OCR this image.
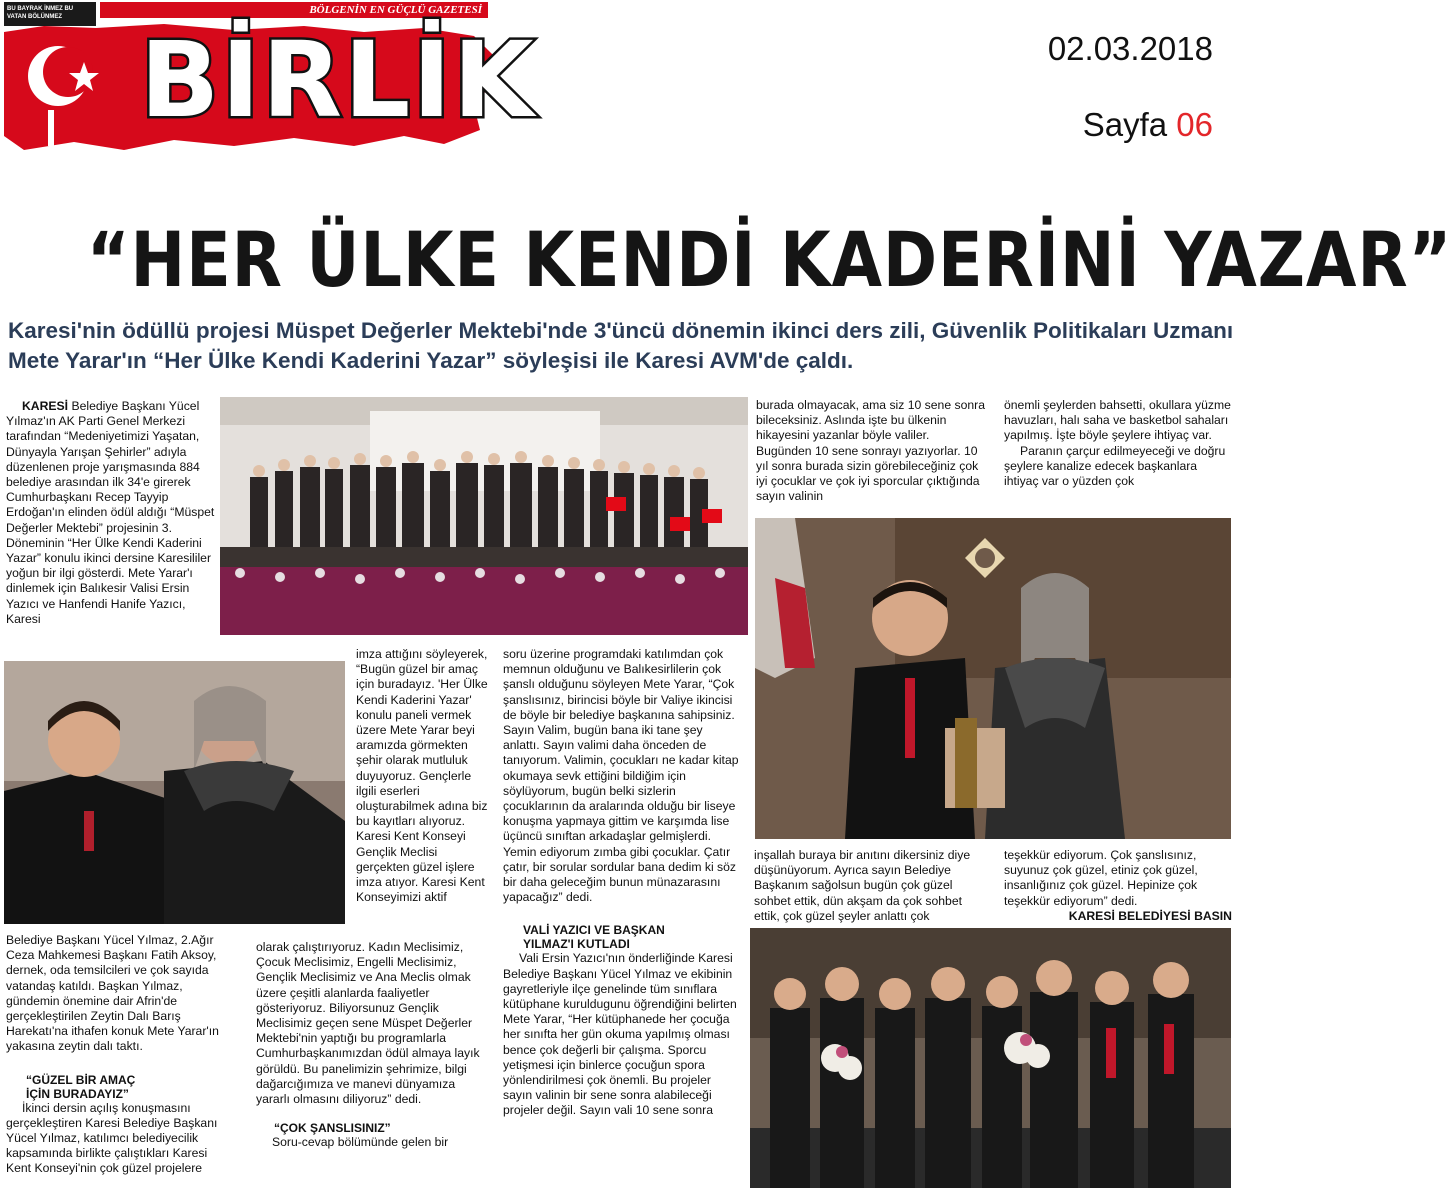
BU BAYRAK İNMEZ BU VATAN BÖLÜNMEZ
BÖLGENİN EN GÜÇLÜ GAZETESİ
BİRLİK	02.03.2018
Sayfa 06
“HER ÜLKE KENDİ KADERİNİ YAZAR”
Karesi'nin ödüllü projesi Müspet Değerler Mektebi'nde 3'üncü dönemin ikinci ders zili, Güvenlik Politikaları Uzmanı Mete Yarar'ın “Her Ülke Kendi Kaderini Yazar” söyleşisi ile Karesi AVM'de çaldı.

KARESİ Belediye Başkanı Yücel Yılmaz'ın AK Parti Genel Merkezi tarafından “Medeniyetimizi Yaşatan, Dünyayla Yarışan Şehirler” adıyla düzenlenen proje yarışmasında 884 belediye arasından ilk 34'e girerek Cumhurbaşkanı Recep Tayyip Erdoğan'ın elinden ödül aldığı “Müspet Değerler Mektebi” projesinin 3. Döneminin “Her Ülke Kendi Kaderini Yazar” konulu ikinci dersine Karesililer yoğun bir ilgi gösterdi. Mete Yarar'ı dinlemek için Balıkesir Valisi Ersin Yazıcı ve Hanfendi Hanife Yazıcı, Karesi

Belediye Başkanı Yücel Yılmaz, 2.Ağır Ceza Mahkemesi Başkanı Fatih Aksoy, dernek, oda temsilcileri ve çok sayıda vatandaş katıldı. Başkan Yılmaz, gündemin önemine dair Afrin'de gerçekleştirilen Zeytin Dalı Barış Harekatı'na ithafen konuk Mete Yarar'ın yakasına zeytin dalı taktı.

“GÜZEL BİR AMAÇ İÇİN BURADAYIZ”

İkinci dersin açılış konuşmasını gerçekleştiren Karesi Belediye Başkanı Yücel Yılmaz, katılımcı belediyecilik kapsamında birlikte çalıştıkları Karesi Kent Konseyi'nin çok güzel projelere

imza attığını söyleyerek, “Bugün güzel bir amaç için buradayız. 'Her Ülke Kendi Kaderini Yazar' konulu paneli vermek üzere Mete Yarar beyi aramızda görmekten şehir olarak mutluluk duyuyoruz. Gençlerle ilgili eserleri oluşturabilmek adına biz bu kayıtları alıyoruz. Karesi Kent Konseyi Gençlik Meclisi gerçekten güzel işlere imza atıyor. Karesi Kent Konseyimizi aktif

olarak çalıştırıyoruz. Kadın Meclisimiz, Çocuk Meclisimiz, Engelli Meclisimiz, Gençlik Meclisimiz ve Ana Meclis olmak üzere çeşitli alanlarda faaliyetler gösteriyoruz. Biliyorsunuz Gençlik Meclisimiz geçen sene Müspet Değerler Mektebi'nin yaptığı bu programlarla Cumhurbaşkanımızdan ödül almaya layık görüldü. Bu panelimizin şehrimize, bilgi dağarcığımıza ve manevi dünyamıza yararlı olmasını diliyoruz” dedi.

“ÇOK ŞANSLISINIZ”

Soru-cevap bölümünde gelen bir

soru üzerine programdaki katılımdan çok memnun olduğunu ve Balıkesirlilerin çok şanslı olduğunu söyleyen Mete Yarar, “Çok şanslısınız, birincisi böyle bir Valiye ikincisi de böyle bir belediye başkanına sahipsiniz. Sayın Valim, bugün bana iki tane şey anlattı. Sayın valimi daha önceden de tanıyorum. Valimin, çocukları ne kadar kitap okumaya sevk ettiğini bildiğim için söylüyorum, bugün belki sizlerin çocuklarının da aralarında olduğu bir liseye konuşma yapmaya gittim ve karşımda lise üçüncü sınıftan arkadaşlar gelmişlerdi. Yemin ediyorum zımba gibi çocuklar. Çatır çatır, bir sorular sordular bana dedim ki söz bir daha geleceğim bunun münazarasını yapacağız” dedi.

VALİ YAZICI VE BAŞKAN YILMAZ'I KUTLADI

Vali Ersin Yazıcı'nın önderliğinde Karesi Belediye Başkanı Yücel Yılmaz ve ekibinin gayretleriyle ilçe genelinde tüm sınıflara kütüphane kuruldugunu öğrendiğini belirten Mete Yarar, “Her kütüphanede her çocuğa her sınıfta her gün okuma yapılmış olması bence çok değerli bir çalışma. Sporcu yetişmesi için binlerce çocuğun spora yönlendirilmesi çok önemli. Bu projeler sayın valinin bir sene sonra alabileceği projeler değil. Sayın vali 10 sene sonra

burada olmayacak, ama siz 10 sene sonra bileceksiniz. Aslında işte bu ülkenin hikayesini yazanlar böyle valiler. Bugünden 10 sene sonrayı yazıyorlar. 10 yıl sonra burada sizin görebileceğiniz çok iyi çocuklar ve çok iyi sporcular çıktığında sayın valinin

inşallah buraya bir anıtını dikersiniz diye düşünüyorum. Ayrıca sayın Belediye Başkanım sağolsun bugün çok güzel sohbet ettik, dün akşam da çok sohbet ettik, çok güzel şeyler anlattı çok

önemli şeylerden bahsetti, okullara yüzme havuzları, halı saha ve basketbol sahaları yapılmış. İşte böyle şeylere ihtiyaç var.

Paranın çarçur edilmeyeceği ve doğru şeylere kanalize edecek başkanlara ihtiyaç var o yüzden çok

teşekkür ediyorum. Çok şanslısınız, suyunuz çok güzel, etiniz çok güzel, insanlığınız çok güzel. Hepinize çok teşekkür ediyorum” dedi.

KARESİ BELEDİYESİ BASIN
